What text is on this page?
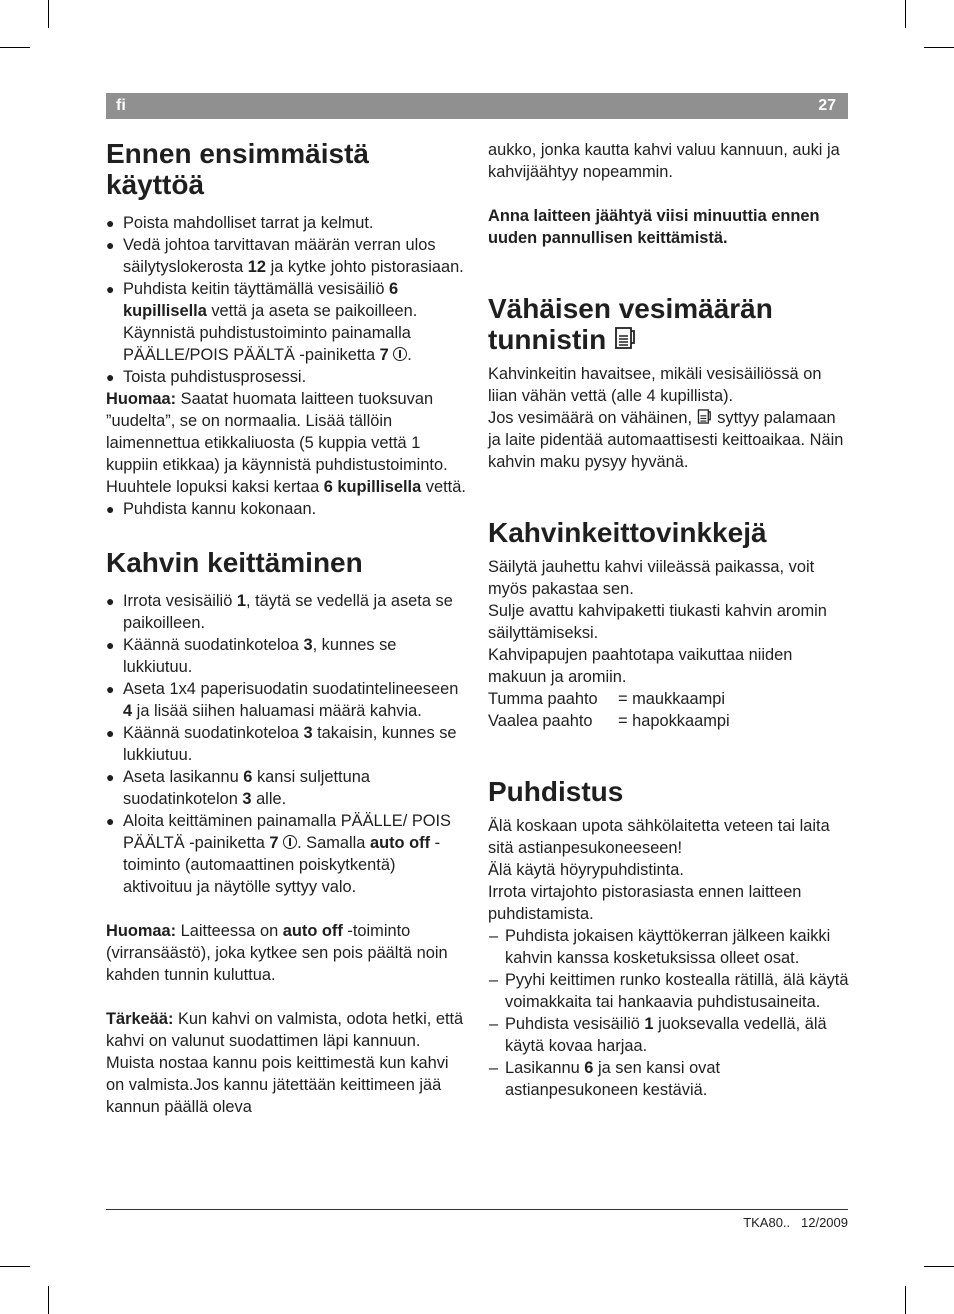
fi	27
Ennen ensimmäistä käyttöä
● Poista mahdolliset tarrat ja kelmut.
● Vedä johtoa tarvittavan määrän verran ulos säilytyslokerosta 12 ja kytke johto pistorasiaan.
● Puhdista keitin täyttämällä vesisäiliö 6 kupillisella vettä ja aseta se paikoilleen. Käynnistä puhdistustoiminto painamalla PÄÄLLE/POIS PÄÄLTÄ -painiketta 7 .
● Toista puhdistusprosessi.

Huomaa: Saatat huomata laitteen tuoksuvan ”uudelta”, se on normaalia. Lisää tällöin laimennettua etikkaliuosta (5 kuppia vettä 1 kuppiin etikkaa) ja käynnistä puhdistustoiminto. Huuhtele lopuksi kaksi kertaa 6 kupillisella vettä.

● Puhdista kannu kokonaan.
Kahvin keittäminen
● Irrota vesisäiliö 1, täytä se vedellä ja aseta se paikoilleen.
● Käännä suodatinkoteloa 3, kunnes se lukkiutuu.
● Aseta 1x4 paperisuodatin suodatintelineeseen 4 ja lisää siihen haluamasi määrä kahvia.
● Käännä suodatinkoteloa 3 takaisin, kunnes se lukkiutuu.
● Aseta lasikannu 6 kansi suljettuna suodatinkotelon 3 alle.
● Aloita keittäminen painamalla PÄÄLLE/ POIS PÄÄLTÄ -painiketta 7 . Samalla auto off -toiminto (automaattinen poiskytkentä) aktivoituu ja näytölle syttyy valo.

Huomaa: Laitteessa on auto off -toiminto (virransäästö), joka kytkee sen pois päältä noin kahden tunnin kuluttua.

Tärkeää: Kun kahvi on valmista, odota hetki, että kahvi on valunut suodattimen läpi kannuun. Muista nostaa kannu pois keittimestä kun kahvi on valmista.Jos kannu jätettään keittimeen jää kannun päällä oleva

aukko, jonka kautta kahvi valuu kannuun, auki ja kahvijäähtyy nopeammin.

Anna laitteen jäähtyä viisi minuuttia ennen uuden pannullisen keittämistä.

Vähäisen vesimäärän tunnistin

Kahvinkeitin havaitsee, mikäli vesisäiliössä on liian vähän vettä (alle 4 kupillista).

Jos vesimäärä on vähäinen,  syttyy palamaan ja laite pidentää automaattisesti keittoaikaa. Näin kahvin maku pysyy hyvänä.

Kahvinkeittovinkkejä

Säilytä jauhettu kahvi viileässä paikassa, voit myös pakastaa sen.

Sulje avattu kahvipaketti tiukasti kahvin aromin säilyttämiseksi.

Kahvipapujen paahtotapa vaikuttaa niiden makuun ja aromiin.

Tumma paahto	= maukkaampi
Vaalea paahto	= hapokkaampi
Puhdistus

Älä koskaan upota sähkölaitetta veteen tai laita sitä astianpesukoneeseen!

Älä käytä höyrypuhdistinta.

Irrota virtajohto pistorasiasta ennen laitteen puhdistamista.

– Puhdista jokaisen käyttökerran jälkeen kaikki kahvin kanssa kosketuksissa olleet osat.
– Pyyhi keittimen runko kostealla rätillä, älä käytä voimakkaita tai hankaavia puhdistusaineita.
– Puhdista vesisäiliö 1 juoksevalla vedellä, älä käytä kovaa harjaa.
– Lasikannu 6 ja sen kansi ovat astianpesukoneen kestäviä.
TKA80.. 12/2009
